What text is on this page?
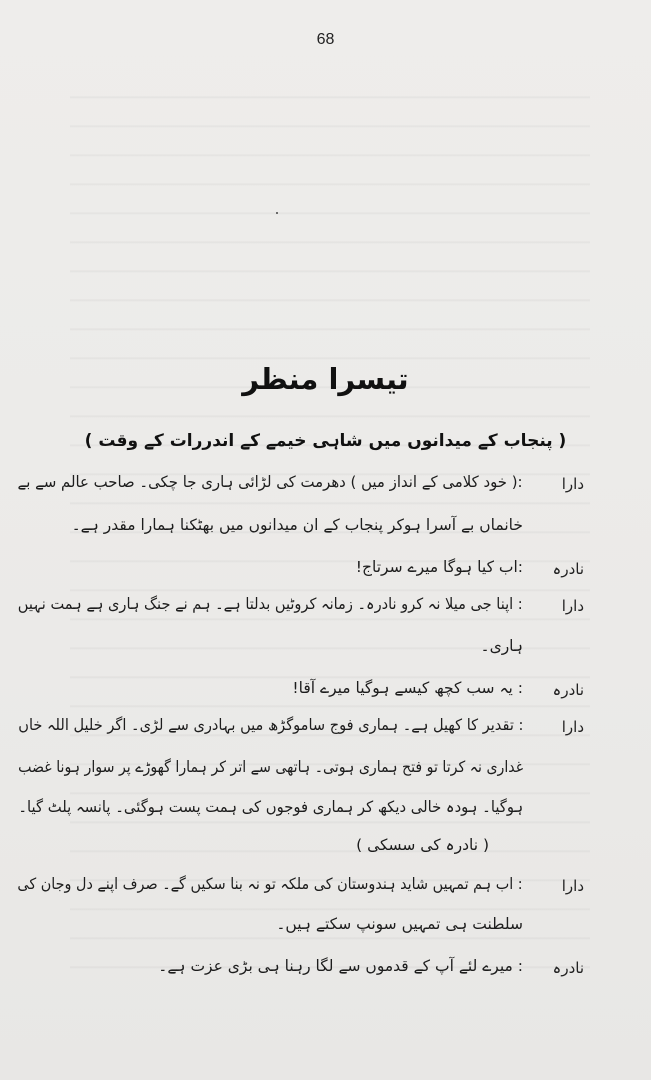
68
تیسرا منظر
( پنجاب کے میدانوں میں شاہی خیمے کے اندررات کے وقت )
دارا
:( خود کلامی کے انداز میں ) دھرمت کی لڑائی ہاری جا چکی۔ صاحب عالم سے بے
خانماں بے آسرا ہوکر پنجاب کے ان میدانوں میں بھٹکنا ہمارا مقدر ہے۔
نادرہ
:اب کیا ہوگا میرے سرتاج!
دارا
: اپنا جی میلا نہ کرو نادرہ۔ زمانہ کروٹیں بدلتا ہے۔ ہم نے جنگ ہاری ہے ہمت نہیں
ہاری۔
نادرہ
: یہ سب کچھ کیسے ہوگیا میرے آقا!
دارا
: تقدیر کا کھیل ہے۔ ہماری فوج ساموگڑھ میں بہادری سے لڑی۔ اگر خلیل اللہ خاں
غداری نہ کرتا تو فتح ہماری ہوتی۔ ہاتھی سے اتر کر ہمارا گھوڑے پر سوار ہونا غضب
ہوگیا۔ ہودہ خالی دیکھ کر ہماری فوجوں کی ہمت پست ہوگئی۔ پانسہ پلٹ گیا۔
( نادرہ کی سسکی )
دارا
: اب ہم تمہیں شاید ہندوستان کی ملکہ تو نہ بنا سکیں گے۔ صرف اپنے دل وجان کی
سلطنت ہی تمہیں سونپ سکتے ہیں۔
نادرہ
: میرے لئے آپ کے قدموں سے لگا رہنا ہی بڑی عزت ہے۔
